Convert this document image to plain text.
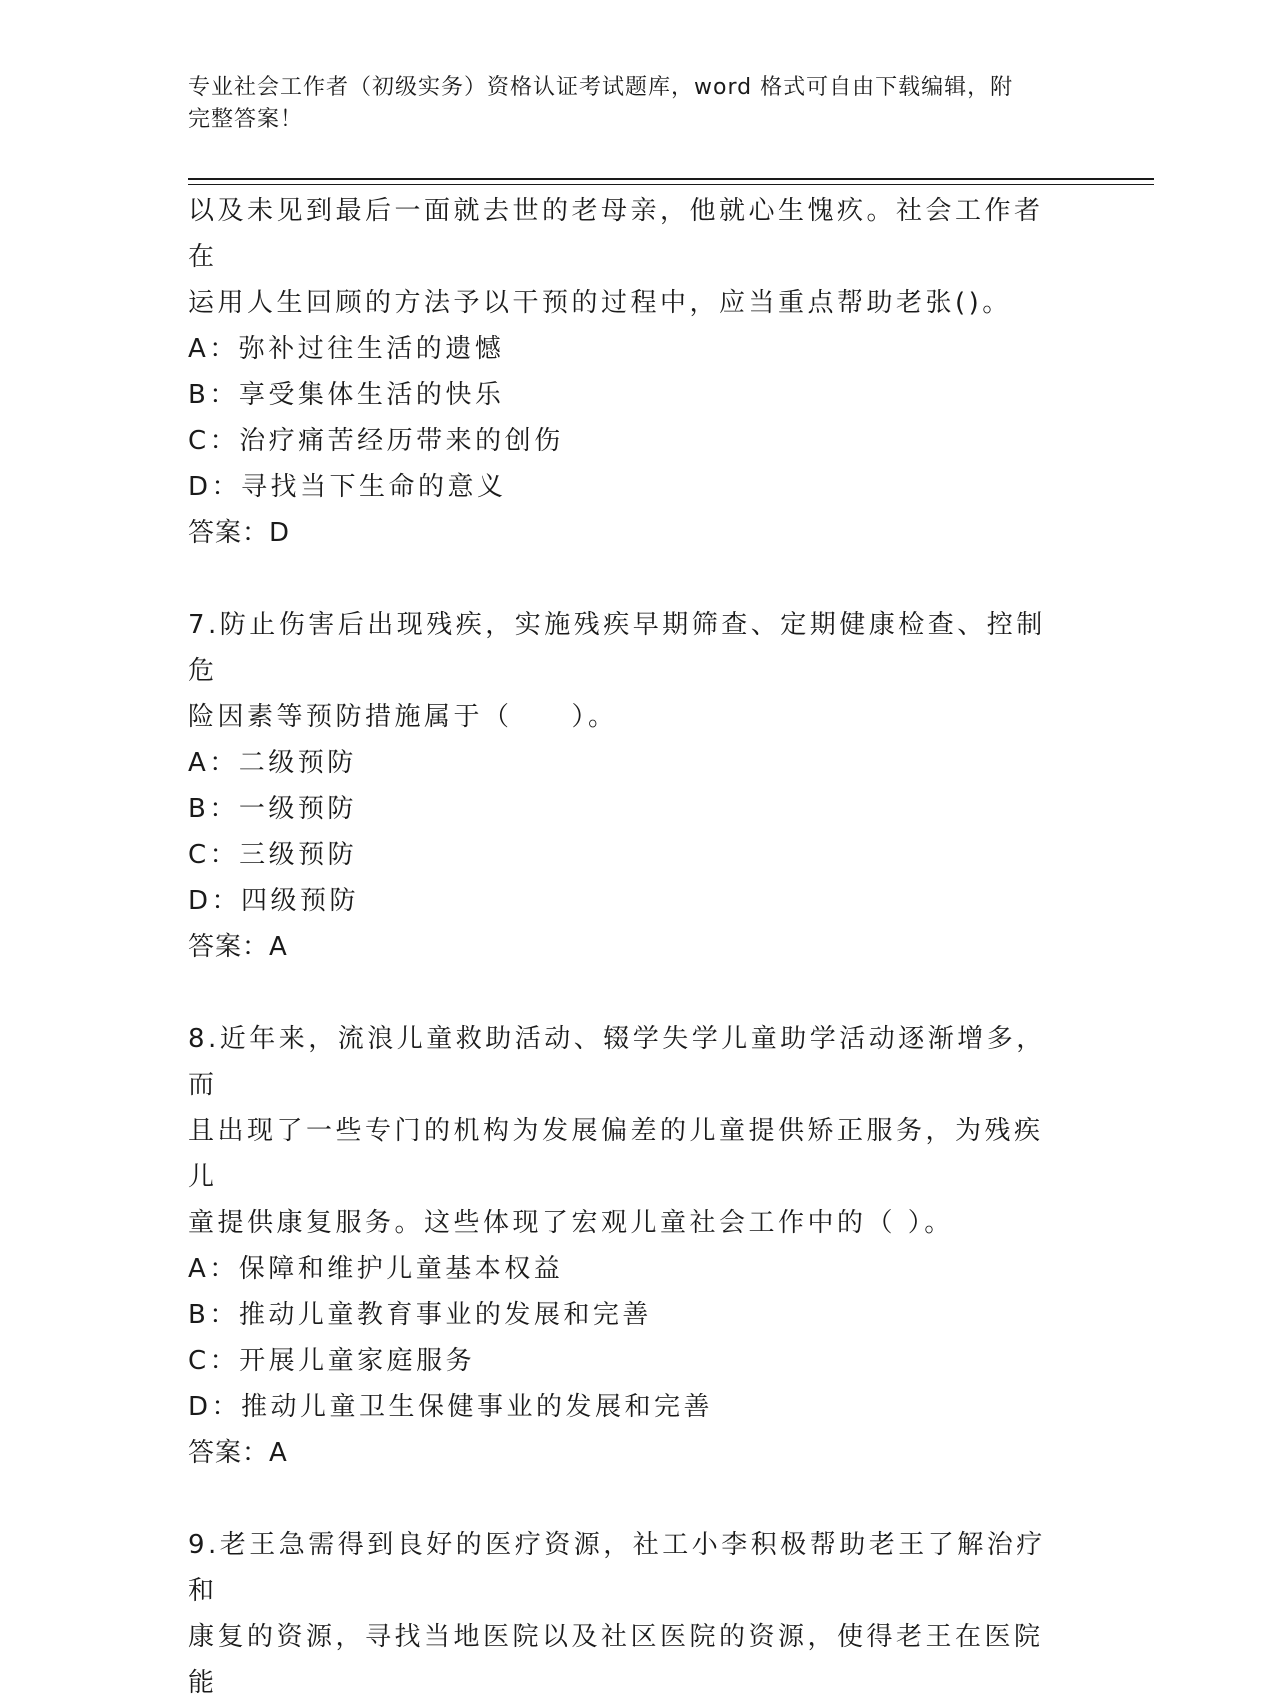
专业社会工作者（初级实务）资格认证考试题库，word 格式可自由下载编辑，附
完整答案！

以及未见到最后一面就去世的老母亲，他就心生愧疚。社会工作者在

运用人生回顾的方法予以干预的过程中，应当重点帮助老张()。

A：弥补过往生活的遗憾

B：享受集体生活的快乐

C：治疗痛苦经历带来的创伤

D：寻找当下生命的意义

答案：D

7.防止伤害后出现残疾，实施残疾早期筛查、定期健康检查、控制危

险因素等预防措施属于（　　）。

A：二级预防

B：一级预防

C：三级预防

D：四级预防

答案：A

8.近年来，流浪儿童救助活动、辍学失学儿童助学活动逐渐增多，而

且出现了一些专门的机构为发展偏差的儿童提供矫正服务，为残疾儿

童提供康复服务。这些体现了宏观儿童社会工作中的（ ）。

A：保障和维护儿童基本权益

B：推动儿童教育事业的发展和完善

C：开展儿童家庭服务

D：推动儿童卫生保健事业的发展和完善

答案：A

9.老王急需得到良好的医疗资源，社工小李积极帮助老王了解治疗和

康复的资源，寻找当地医院以及社区医院的资源，使得老王在医院能
